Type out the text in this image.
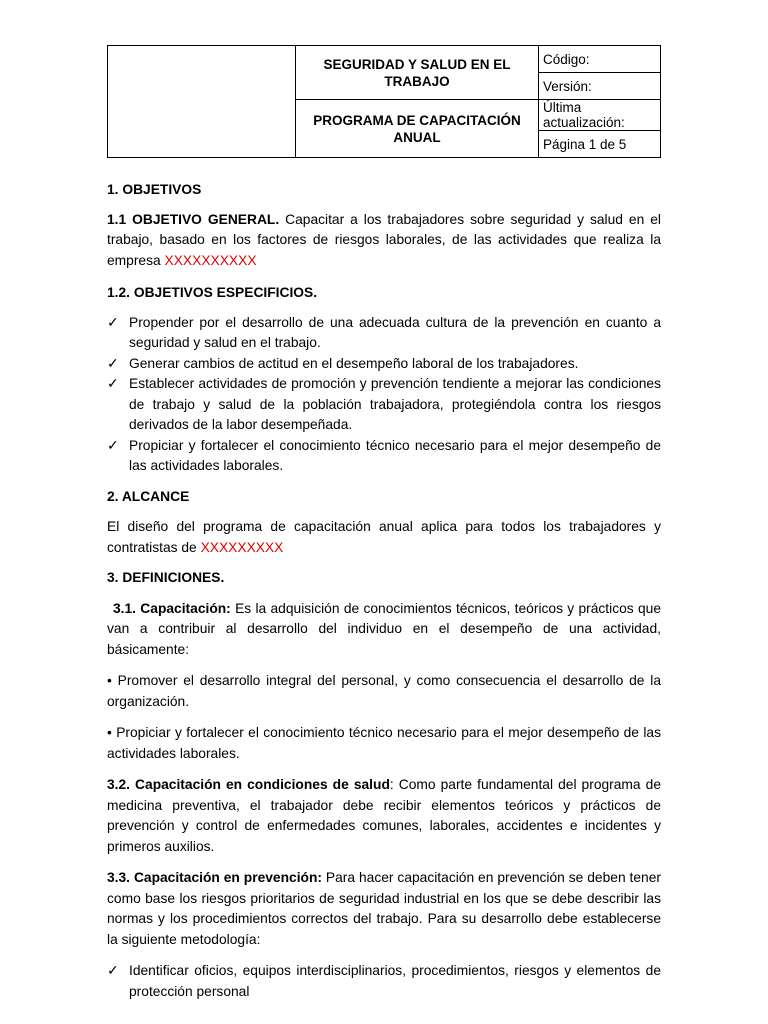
	SEGURIDAD Y SALUD EN EL TRABAJO	Código:
		Versión:
	PROGRAMA DE CAPACITACIÓN ANUAL	Última actualización:
		Página 1 de 5

1. OBJETIVOS

1.1 OBJETIVO GENERAL. Capacitar a los trabajadores sobre seguridad y salud en el trabajo, basado en los factores de riesgos laborales, de las actividades que realiza la empresa XXXXXXXXXX

1.2. OBJETIVOS ESPECIFICIOS.

✓ Propender por el desarrollo de una adecuada cultura de la prevención en cuanto a seguridad y salud en el trabajo.
✓ Generar cambios de actitud en el desempeño laboral de los trabajadores.
✓ Establecer actividades de promoción y prevención tendiente a mejorar las condiciones de trabajo y salud de la población trabajadora, protegiéndola contra los riesgos derivados de la labor desempeñada.
✓ Propiciar y fortalecer el conocimiento técnico necesario para el mejor desempeño de las actividades laborales.

2. ALCANCE

El diseño del programa de capacitación anual aplica para todos los trabajadores y contratistas de XXXXXXXXX

3. DEFINICIONES.

3.1. Capacitación: Es la adquisición de conocimientos técnicos, teóricos y prácticos que van a contribuir al desarrollo del individuo en el desempeño de una actividad, básicamente:

• Promover el desarrollo integral del personal, y como consecuencia el desarrollo de la organización.

• Propiciar y fortalecer el conocimiento técnico necesario para el mejor desempeño de las actividades laborales.

3.2. Capacitación en condiciones de salud: Como parte fundamental del programa de medicina preventiva, el trabajador debe recibir elementos teóricos y prácticos de prevención y control de enfermedades comunes, laborales, accidentes e incidentes y primeros auxilios.

3.3. Capacitación en prevención: Para hacer capacitación en prevención se deben tener como base los riesgos prioritarios de seguridad industrial en los que se debe describir las normas y los procedimientos correctos del trabajo. Para su desarrollo debe establecerse la siguiente metodología:

✓ Identificar oficios, equipos interdisciplinarios, procedimientos, riesgos y elementos de protección personal
